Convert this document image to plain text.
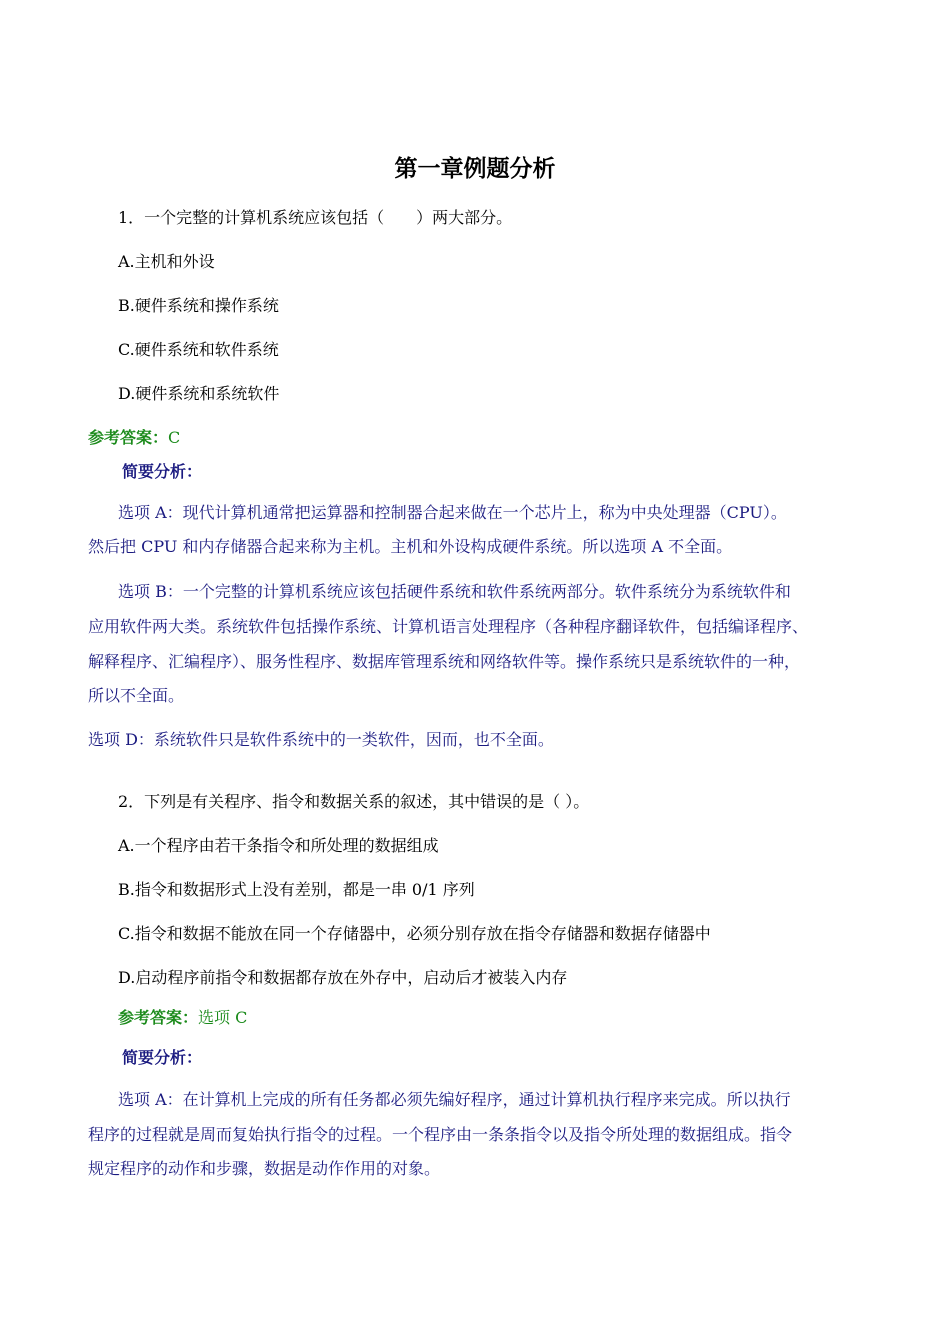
第一章例题分析
1．一个完整的计算机系统应该包括（　　）两大部分。
A.主机和外设
B.硬件系统和操作系统
C.硬件系统和软件系统
D.硬件系统和系统软件
参考答案：C
简要分析：
选项 A：现代计算机通常把运算器和控制器合起来做在一个芯片上，称为中央处理器（CPU）。
然后把 CPU 和内存储器合起来称为主机。主机和外设构成硬件系统。所以选项 A 不全面。
选项 B：一个完整的计算机系统应该包括硬件系统和软件系统两部分。软件系统分为系统软件和
应用软件两大类。系统软件包括操作系统、计算机语言处理程序（各种程序翻译软件，包括编译程序、
解释程序、汇编程序）、服务性程序、数据库管理系统和网络软件等。操作系统只是系统软件的一种，
所以不全面。
选项 D：系统软件只是软件系统中的一类软件，因而，也不全面。
2．下列是有关程序、指令和数据关系的叙述，其中错误的是（ ）。
A.一个程序由若干条指令和所处理的数据组成
B.指令和数据形式上没有差别，都是一串 0/1 序列
C.指令和数据不能放在同一个存储器中，必须分别存放在指令存储器和数据存储器中
D.启动程序前指令和数据都存放在外存中，启动后才被装入内存
参考答案：选项 C
简要分析：
选项 A：在计算机上完成的所有任务都必须先编好程序，通过计算机执行程序来完成。所以执行
程序的过程就是周而复始执行指令的过程。一个程序由一条条指令以及指令所处理的数据组成。指令
规定程序的动作和步骤，数据是动作作用的对象。
